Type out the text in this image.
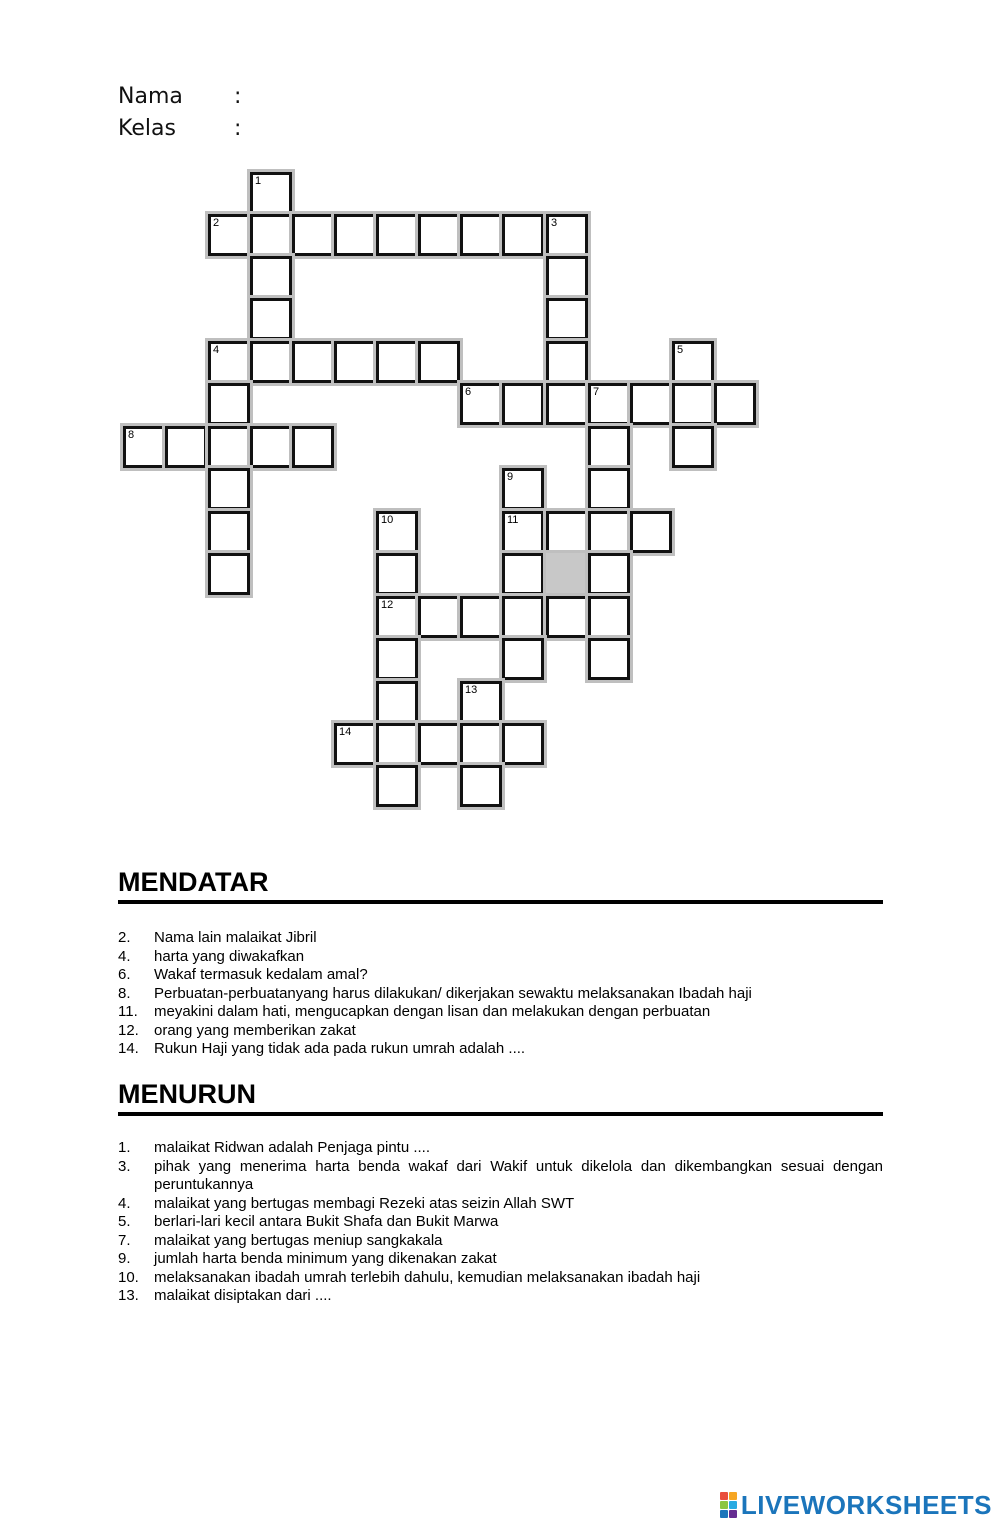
Nama :
Kelas	:
1
2	3
4	5
6	7
8
9
10	11
12
13
14
MENDATAR
2.	Nama lain malaikat Jibril
4.	harta yang diwakafkan
6.	Wakaf termasuk kedalam amal?
8.	Perbuatan-perbuatanyang harus dilakukan/ dikerjakan sewaktu melaksanakan Ibadah haji
11.	meyakini dalam hati, mengucapkan dengan lisan dan melakukan dengan perbuatan
12.	orang yang memberikan zakat
14.	Rukun Haji yang tidak ada pada rukun umrah adalah ....
MENURUN
1.	malaikat Ridwan adalah Penjaga pintu ....
3.	pihak yang menerima harta benda wakaf dari Wakif untuk dikelola dan dikembangkan sesuai dengan peruntukannya
4.	malaikat yang bertugas membagi Rezeki atas seizin Allah SWT
5.	berlari-lari kecil antara Bukit Shafa dan Bukit Marwa
7.	malaikat yang bertugas meniup sangkakala
9.	jumlah harta benda minimum yang dikenakan zakat
10.	melaksanakan ibadah umrah terlebih dahulu, kemudian melaksanakan ibadah haji
13.	malaikat disiptakan dari ....
LIVEWORKSHEETS
